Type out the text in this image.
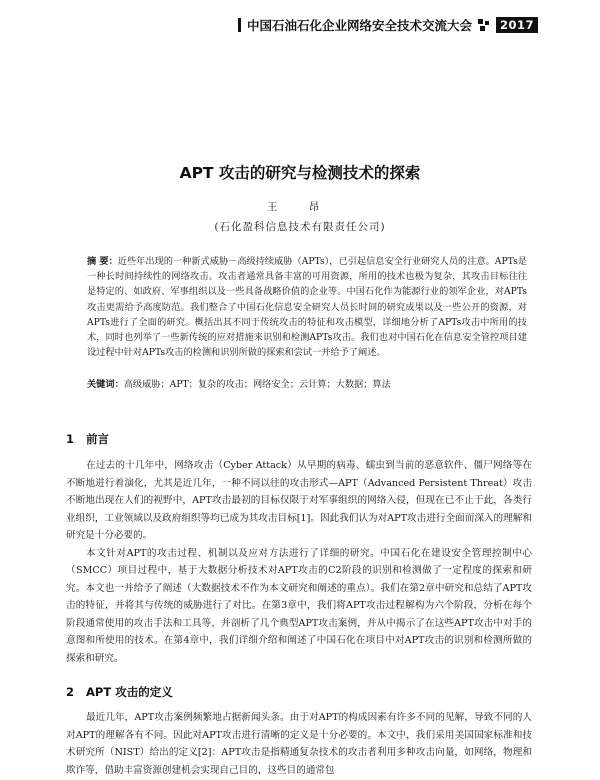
中国石油石化企业网络安全技术交流大会	2017
APT 攻击的研究与检测技术的探索
王 昂
(石化盈科信息技术有限责任公司)
摘 要：近些年出现的一种新式威胁－高级持续威胁（APTs），已引起信息安全行业研究人员的注意。APTs是一种长时间持续性的网络攻击。攻击者通常具备丰富的可用资源，所用的技术也极为复杂，其攻击目标往往是特定的、如政府、军事组织以及一些具备战略价值的企业等。中国石化作为能源行业的领军企业，对APTs攻击更需给予高度防范。我们整合了中国石化信息安全研究人员长时间的研究成果以及一些公开的资源，对APTs进行了全面的研究。概括出其不同于传统攻击的特征和攻击模型，详细地分析了APTs攻击中所用的技术，同时也列举了一些新传统的应对措施来识别和检测APTs攻击。我们也对中国石化在信息安全管控项目建设过程中针对APTs攻击的检测和识别所做的探索和尝试一并给予了阐述。
关键词：高级威胁；APT；复杂的攻击；网络安全；云计算；大数据；算法
1 前言

在过去的十几年中，网络攻击（Cyber Attack）从早期的病毒、蠕虫到当前的恶意软件、僵尸网络等在不断地进行着演化，尤其是近几年，一种不同以往的攻击形式—APT（Advanced Persistent Threat）攻击不断地出现在人们的视野中，APT攻击最初的目标仅限于对军事组织的网络入侵，但现在已不止于此，各类行业组织，工业领域以及政府组织等均已成为其攻击目标[1]。因此我们认为对APT攻击进行全面而深入的理解和研究是十分必要的。

本文针对APT的攻击过程、机制以及应对方法进行了详细的研究。中国石化在建设安全管理控制中心（SMCC）项目过程中，基于大数据分析技术对APT攻击的C2阶段的识别和检测做了一定程度的探索和研究。本文也一并给予了阐述（大数据技术不作为本文研究和阐述的重点）。我们在第2章中研究和总结了APT攻击的特征，并将其与传统的威胁进行了对比。在第3章中，我们将APT攻击过程解构为六个阶段，分析在每个阶段通常使用的攻击手法和工具等，并剖析了几个典型APT攻击案例，并从中揭示了在这些APT攻击中对手的意图和所使用的技术。在第4章中，我们详细介绍和阐述了中国石化在项目中对APT攻击的识别和检测所做的探索和研究。

2 APT 攻击的定义

最近几年，APT攻击案例频繁地占据新闻头条。由于对APT的构成因素有许多不同的见解，导致不同的人对APT的理解各有不同。因此对APT攻击进行清晰的定义是十分必要的。本文中，我们采用美国国家标准和技术研究所（NIST）给出的定义[2]：APT攻击是指精通复杂技术的攻击者利用多种攻击向量，如网络，物理和欺诈等，借助丰富资源创建机会实现自己目的，这些目的通常包
